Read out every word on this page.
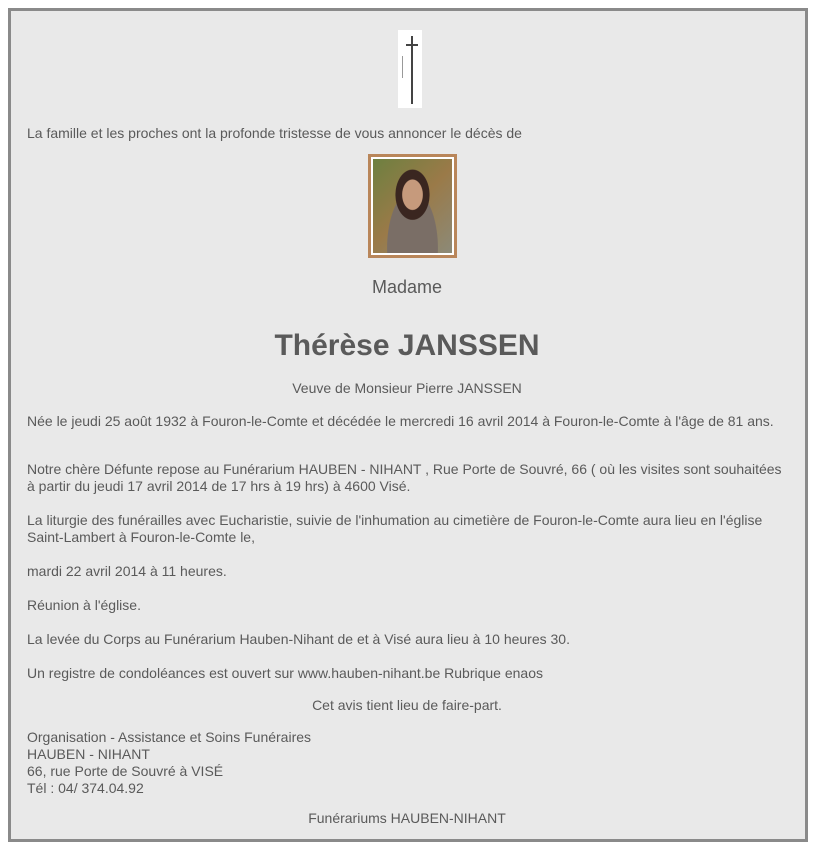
La famille et les proches ont la profonde tristesse de vous annoncer le décès de
Madame
Thérèse JANSSEN
Veuve de Monsieur Pierre JANSSEN
Née le jeudi 25 août 1932 à Fouron-le-Comte et décédée le mercredi 16 avril 2014 à Fouron-le-Comte à l'âge de 81 ans.
Notre chère Défunte repose au Funérarium HAUBEN - NIHANT , Rue Porte de Souvré, 66 ( où les visites sont souhaitées à partir du jeudi 17 avril 2014 de 17 hrs à 19 hrs) à 4600 Visé.
La liturgie des funérailles avec Eucharistie, suivie de l'inhumation au cimetière de Fouron-le-Comte aura lieu en l'église Saint-Lambert à Fouron-le-Comte le,
mardi 22 avril 2014 à 11 heures.
Réunion à l'église.
La levée du Corps au Funérarium Hauben-Nihant de et à Visé aura lieu à 10 heures 30.
Un registre de condoléances est ouvert sur www.hauben-nihant.be Rubrique enaos
Cet avis tient lieu de faire-part.
Organisation - Assistance et Soins Funéraires
HAUBEN - NIHANT
66, rue Porte de Souvré à VISÉ
Tél : 04/ 374.04.92
Funérariums HAUBEN-NIHANT
